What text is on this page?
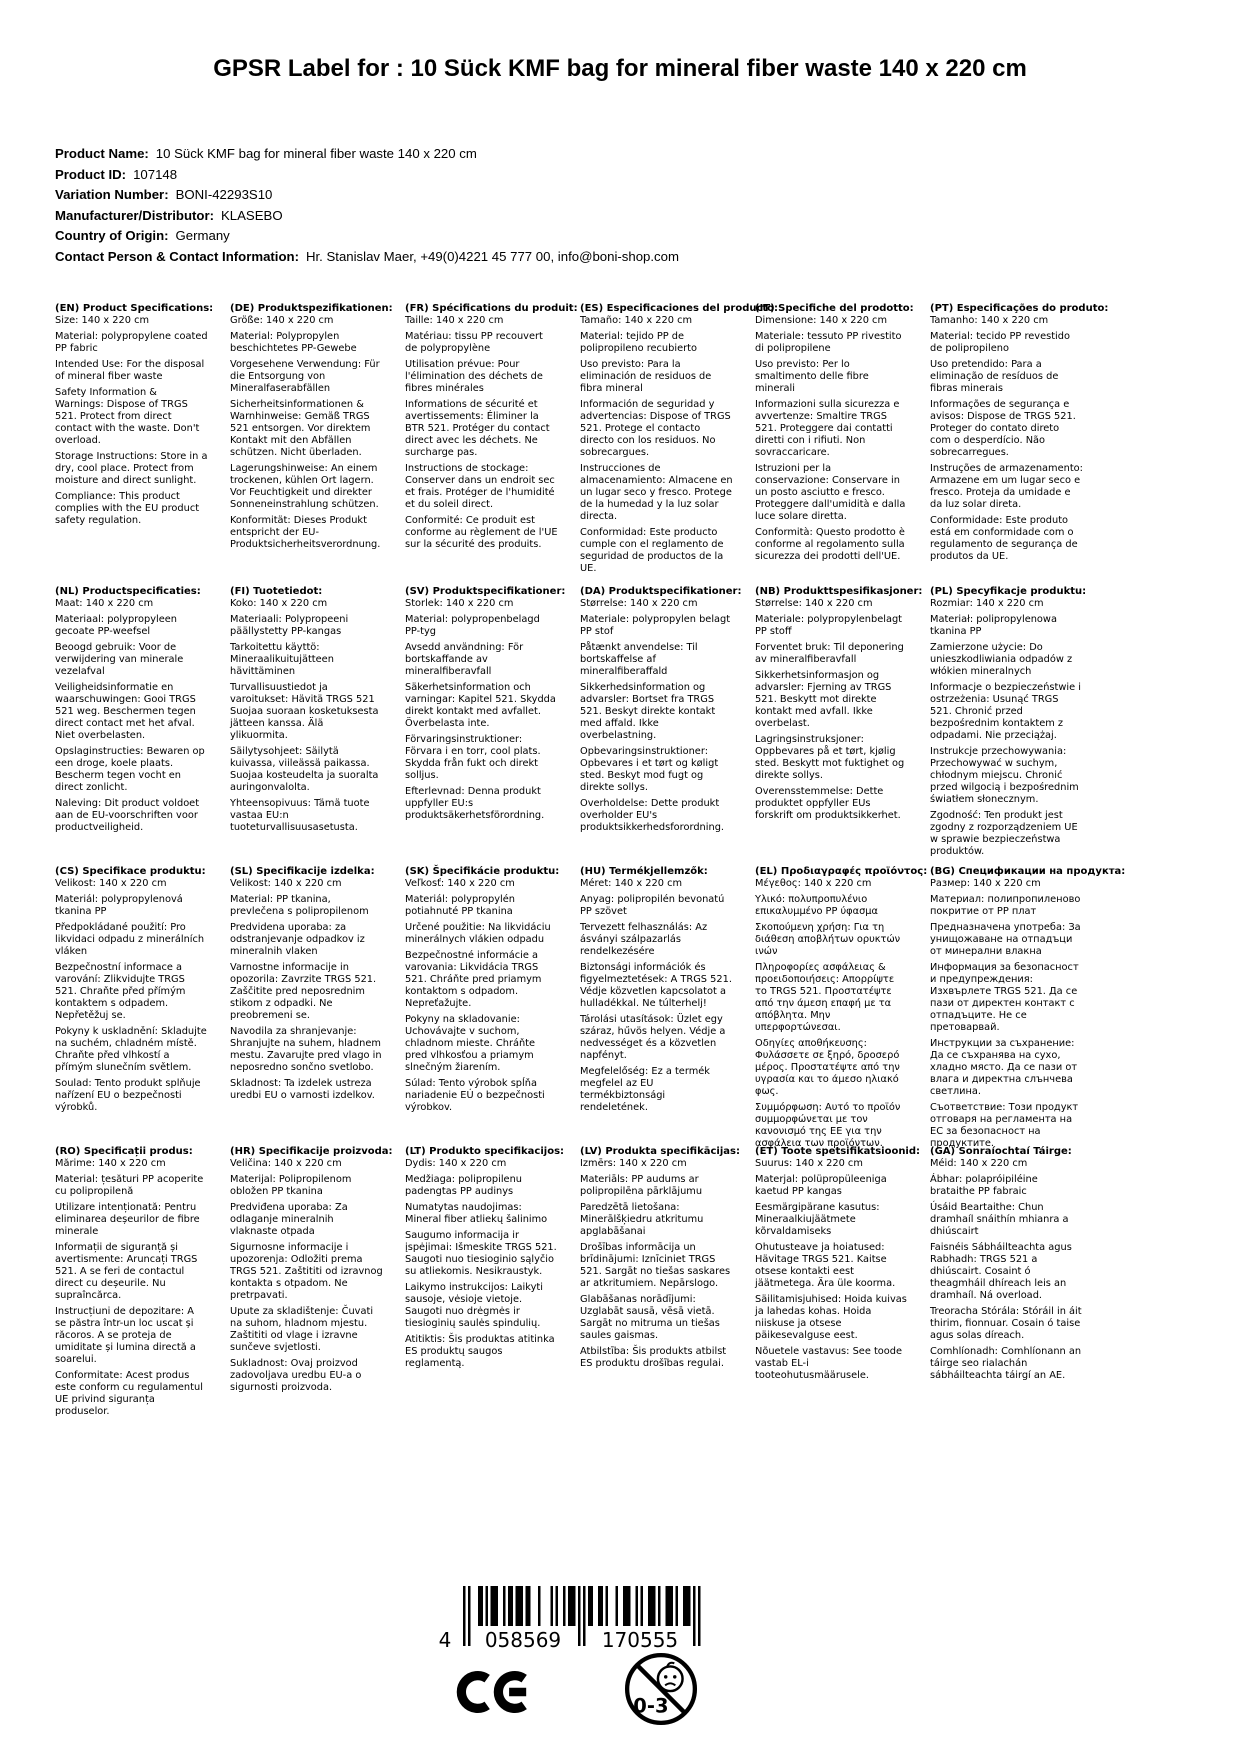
GPSR Label for : 10 Sück KMF bag for mineral fiber waste 140 x 220 cm
Product Name: 10 Sück KMF bag for mineral fiber waste 140 x 220 cm
Product ID: 107148
Variation Number: BONI-42293S10
Manufacturer/Distributor: KLASEBO
Country of Origin: Germany
Contact Person & Contact Information: Hr. Stanislav Maer, +49(0)4221 45 777 00, info@boni-shop.com
(EN) Product Specifications:

Size: 140 x 220 cm

Material: polypropylene coated PP fabric

Intended Use: For the disposal of mineral fiber waste

Safety Information & Warnings: Dispose of TRGS 521. Protect from direct contact with the waste. Don't overload.

Storage Instructions: Store in a dry, cool place. Protect from moisture and direct sunlight.

Compliance: This product complies with the EU product safety regulation.

(DE) Produktspezifikationen:

Größe: 140 x 220 cm

Material: Polypropylen beschichtetes PP-Gewebe

Vorgesehene Verwendung: Für die Entsorgung von Mineralfaserabfällen

Sicherheitsinformationen & Warnhinweise: Gemäß TRGS 521 entsorgen. Vor direktem Kontakt mit den Abfällen schützen. Nicht überladen.

Lagerungshinweise: An einem trockenen, kühlen Ort lagern. Vor Feuchtigkeit und direkter Sonneneinstrahlung schützen.

Konformität: Dieses Produkt entspricht der EU-Produktsicherheitsverordnung.

(FR) Spécifications du produit:

Taille: 140 x 220 cm

Matériau: tissu PP recouvert de polypropylène

Utilisation prévue: Pour l'élimination des déchets de fibres minérales

Informations de sécurité et avertissements: Éliminer la BTR 521. Protéger du contact direct avec les déchets. Ne surcharge pas.

Instructions de stockage: Conserver dans un endroit sec et frais. Protéger de l'humidité et du soleil direct.

Conformité: Ce produit est conforme au règlement de l'UE sur la sécurité des produits.

(ES) Especificaciones del producto:

Tamaño: 140 x 220 cm

Material: tejido PP de polipropileno recubierto

Uso previsto: Para la eliminación de residuos de fibra mineral

Información de seguridad y advertencias: Dispose of TRGS 521. Protege el contacto directo con los residuos. No sobrecargues.

Instrucciones de almacenamiento: Almacene en un lugar seco y fresco. Protege de la humedad y la luz solar directa.

Conformidad: Este producto cumple con el reglamento de seguridad de productos de la UE.

(IT) Specifiche del prodotto:

Dimensione: 140 x 220 cm

Materiale: tessuto PP rivestito di polipropilene

Uso previsto: Per lo smaltimento delle fibre minerali

Informazioni sulla sicurezza e avvertenze: Smaltire TRGS 521. Proteggere dai contatti diretti con i rifiuti. Non sovraccaricare.

Istruzioni per la conservazione: Conservare in un posto asciutto e fresco. Proteggere dall'umidità e dalla luce solare diretta.

Conformità: Questo prodotto è conforme al regolamento sulla sicurezza dei prodotti dell'UE.

(PT) Especificações do produto:

Tamanho: 140 x 220 cm

Material: tecido PP revestido de polipropileno

Uso pretendido: Para a eliminação de resíduos de fibras minerais

Informações de segurança e avisos: Dispose de TRGS 521. Proteger do contato direto com o desperdício. Não sobrecarregues.

Instruções de armazenamento: Armazene em um lugar seco e fresco. Proteja da umidade e da luz solar direta.

Conformidade: Este produto está em conformidade com o regulamento de segurança de produtos da UE.

(NL) Productspecificaties:

Maat: 140 x 220 cm

Materiaal: polypropyleen gecoate PP-weefsel

Beoogd gebruik: Voor de verwijdering van minerale vezelafval

Veiligheidsinformatie en waarschuwingen: Gooi TRGS 521 weg. Beschermen tegen direct contact met het afval. Niet overbelasten.

Opslaginstructies: Bewaren op een droge, koele plaats. Bescherm tegen vocht en direct zonlicht.

Naleving: Dit product voldoet aan de EU-voorschriften voor productveiligheid.

(FI) Tuotetiedot:

Koko: 140 x 220 cm

Materiaali: Polypropeeni päällystetty PP-kangas

Tarkoitettu käyttö: Mineraalikuitujätteen hävittäminen

Turvallisuustiedot ja varoitukset: Hävitä TRGS 521 Suojaa suoraan kosketuksesta jätteen kanssa. Älä ylikuormita.

Säilytysohjeet: Säilytä kuivassa, viileässä paikassa. Suojaa kosteudelta ja suoralta auringonvalolta.

Yhteensopivuus: Tämä tuote vastaa EU:n tuoteturvallisuusasetusta.

(SV) Produktspecifikationer:

Storlek: 140 x 220 cm

Material: polypropenbelagd PP-tyg

Avsedd användning: För bortskaffande av mineralfiberavfall

Säkerhetsinformation och varningar: Kapitel 521. Skydda direkt kontakt med avfallet. Överbelasta inte.

Förvaringsinstruktioner: Förvara i en torr, cool plats. Skydda från fukt och direkt solljus.

Efterlevnad: Denna produkt uppfyller EU:s produktsäkerhetsförordning.

(DA) Produktspecifikationer:

Størrelse: 140 x 220 cm

Materiale: polypropylen belagt PP stof

Påtænkt anvendelse: Til bortskaffelse af mineralfiberaffald

Sikkerhedsinformation og advarsler: Bortset fra TRGS 521. Beskyt direkte kontakt med affald. Ikke overbelastning.

Opbevaringsinstruktioner: Opbevares i et tørt og køligt sted. Beskyt mod fugt og direkte sollys.

Overholdelse: Dette produkt overholder EU's produktsikkerhedsforordning.

(NB) Produkttspesifikasjoner:

Størrelse: 140 x 220 cm

Materiale: polypropylenbelagt PP stoff

Forventet bruk: Til deponering av mineralfiberavfall

Sikkerhetsinformasjon og advarsler: Fjerning av TRGS 521. Beskytt mot direkte kontakt med avfall. Ikke overbelast.

Lagringsinstruksjoner: Oppbevares på et tørt, kjølig sted. Beskytt mot fuktighet og direkte sollys.

Overensstemmelse: Dette produktet oppfyller EUs forskrift om produktsikkerhet.

(PL) Specyfikacje produktu:

Rozmiar: 140 x 220 cm

Materiał: polipropylenowa tkanina PP

Zamierzone użycie: Do unieszkodliwiania odpadów z włókien mineralnych

Informacje o bezpieczeństwie i ostrzeżenia: Usunąć TRGS 521. Chronić przed bezpośrednim kontaktem z odpadami. Nie przeciążaj.

Instrukcje przechowywania: Przechowywać w suchym, chłodnym miejscu. Chronić przed wilgocią i bezpośrednim światłem słonecznym.

Zgodność: Ten produkt jest zgodny z rozporządzeniem UE w sprawie bezpieczeństwa produktów.

(CS) Specifikace produktu:

Velikost: 140 x 220 cm

Materiál: polypropylenová tkanina PP

Předpokládané použití: Pro likvidaci odpadu z minerálních vláken

Bezpečnostní informace a varování: Zlikvidujte TRGS 521. Chraňte před přímým kontaktem s odpadem. Nepřetěžuj se.

Pokyny k uskladnění: Skladujte na suchém, chladném místě. Chraňte před vlhkostí a přímým slunečním světlem.

Soulad: Tento produkt splňuje nařízení EU o bezpečnosti výrobků.

(SL) Specifikacije izdelka:

Velikost: 140 x 220 cm

Material: PP tkanina, prevlečena s polipropilenom

Predvidena uporaba: za odstranjevanje odpadkov iz mineralnih vlaken

Varnostne informacije in opozorila: Zavrzite TRGS 521. Zaščitite pred neposrednim stikom z odpadki. Ne preobremeni se.

Navodila za shranjevanje: Shranjujte na suhem, hladnem mestu. Zavarujte pred vlago in neposredno sončno svetlobo.

Skladnost: Ta izdelek ustreza uredbi EU o varnosti izdelkov.

(SK) Špecifikácie produktu:

Veľkosť: 140 x 220 cm

Materiál: polypropylén potiahnuté PP tkanina

Určené použitie: Na likvidáciu minerálnych vlákien odpadu

Bezpečnostné informácie a varovania: Likvidácia TRGS 521. Chráňte pred priamym kontaktom s odpadom. Nepreťažujte.

Pokyny na skladovanie: Uchovávajte v suchom, chladnom mieste. Chráňte pred vlhkosťou a priamym slnečným žiarením.

Súlad: Tento výrobok spĺňa nariadenie EÚ o bezpečnosti výrobkov.

(HU) Termékjellemzők:

Méret: 140 x 220 cm

Anyag: polipropilén bevonatú PP szövet

Tervezett felhasználás: Az ásványi szálpazarlás rendelkezésére

Biztonsági információk és figyelmeztetések: A TRGS 521. Védje közvetlen kapcsolatot a hulladékkal. Ne túlterhelj!

Tárolási utasítások: Üzlet egy száraz, hűvös helyen. Védje a nedvességet és a közvetlen napfényt.

Megfelelőség: Ez a termék megfelel az EU termékbiztonsági rendeletének.

(EL) Προδιαγραφές προϊόντος:

Μέγεθος: 140 x 220 cm

Υλικό: πολυπροπυλένιο επικαλυμμένο PP ύφασμα

Σκοπούμενη χρήση: Για τη διάθεση αποβλήτων ορυκτών ινών

Πληροφορίες ασφάλειας & προειδοποιήσεις: Απορρίψτε το TRGS 521. Προστατέψτε από την άμεση επαφή με τα απόβλητα. Μην υπερφορτώνεσαι.

Οδηγίες αποθήκευσης: Φυλάσσετε σε ξηρό, δροσερό μέρος. Προστατέψτε από την υγρασία και το άμεσο ηλιακό φως.

Συμμόρφωση: Αυτό το προϊόν συμμορφώνεται με τον κανονισμό της ΕΕ για την ασφάλεια των προϊόντων.

(BG) Спецификации на продукта:

Размер: 140 x 220 cm

Материал: полипропиленово покритие от PP плат

Предназначена употреба: За унищожаване на отпадъци от минерални влакна

Информация за безопасност и предупреждения: Изхвърлете TRGS 521. Да се пази от директен контакт с отпадъците. Не се претоварвай.

Инструкции за съхранение: Да се съхранява на сухо, хладно място. Да се пази от влага и директна слънчева светлина.

Съответствие: Този продукт отговаря на регламента на ЕС за безопасност на продуктите.

(RO) Specificații produs:

Mărime: 140 x 220 cm

Material: țesături PP acoperite cu polipropilenă

Utilizare intenționată: Pentru eliminarea deșeurilor de fibre minerale

Informații de siguranță și avertismente: Aruncați TRGS 521. A se feri de contactul direct cu deșeurile. Nu supraîncărca.

Instrucțiuni de depozitare: A se păstra într-un loc uscat și răcoros. A se proteja de umiditate și lumina directă a soarelui.

Conformitate: Acest produs este conform cu regulamentul UE privind siguranța produselor.

(HR) Specifikacije proizvoda:

Veličina: 140 x 220 cm

Materijal: Polipropilenom obložen PP tkanina

Predviđena uporaba: Za odlaganje mineralnih vlaknaste otpada

Sigurnosne informacije i upozorenja: Odložiti prema TRGS 521. Zaštititi od izravnog kontakta s otpadom. Ne pretrpavati.

Upute za skladištenje: Čuvati na suhom, hladnom mjestu. Zaštititi od vlage i izravne sunčeve svjetlosti.

Sukladnost: Ovaj proizvod zadovoljava uredbu EU-a o sigurnosti proizvoda.

(LT) Produkto specifikacijos:

Dydis: 140 x 220 cm

Medžiaga: polipropilenu padengtas PP audinys

Numatytas naudojimas: Mineral fiber atliekų šalinimo

Saugumo informacija ir įspėjimai: Išmeskite TRGS 521. Saugoti nuo tiesioginio sąlyčio su atliekomis. Nesikraustyk.

Laikymo instrukcijos: Laikyti sausoje, vėsioje vietoje. Saugoti nuo drėgmės ir tiesioginių saulės spindulių.

Atitiktis: Šis produktas atitinka ES produktų saugos reglamentą.

(LV) Produkta specifikācijas:

Izmērs: 140 x 220 cm

Materiāls: PP audums ar polipropilēna pārklājumu

Paredzētā lietošana: Minerālšķiedru atkritumu apglabāšanai

Drošības informācija un brīdinājumi: Iznīciniet TRGS 521. Sargāt no tiešas saskares ar atkritumiem. Nepārslogo.

Glabāšanas norādījumi: Uzglabāt sausā, vēsā vietā. Sargāt no mitruma un tiešas saules gaismas.

Atbilstība: Šis produkts atbilst ES produktu drošības regulai.

(ET) Toote spetsifikatsioonid:

Suurus: 140 x 220 cm

Materjal: polüpropüleeniga kaetud PP kangas

Eesmärgipärane kasutus: Mineraalkiujäätmete kõrvaldamiseks

Ohutusteave ja hoiatused: Hävitage TRGS 521. Kaitse otsese kontakti eest jäätmetega. Ära üle koorma.

Säilitamisjuhised: Hoida kuivas ja lahedas kohas. Hoida niiskuse ja otsese päikesevalguse eest.

Nõuetele vastavus: See toode vastab EL-i tooteohutusmäärusele.

(GA) Sonraíochtaí Táirge:

Méid: 140 x 220 cm

Ábhar: polapróipiléine brataithe PP fabraic

Úsáid Beartaithe: Chun dramhaíl snáithín mhianra a dhiúscairt

Faisnéis Sábháilteachta agus Rabhadh: TRGS 521 a dhiúscairt. Cosaint ó theagmháil dhíreach leis an dramhaíl. Ná overload.

Treoracha Stórála: Stóráil in áit thirim, fionnuar. Cosain ó taise agus solas díreach.

Comhlíonadh: Comhlíonann an táirge seo rialachán sábháilteachta táirgí an AE.

4 058569 170555
0-3
